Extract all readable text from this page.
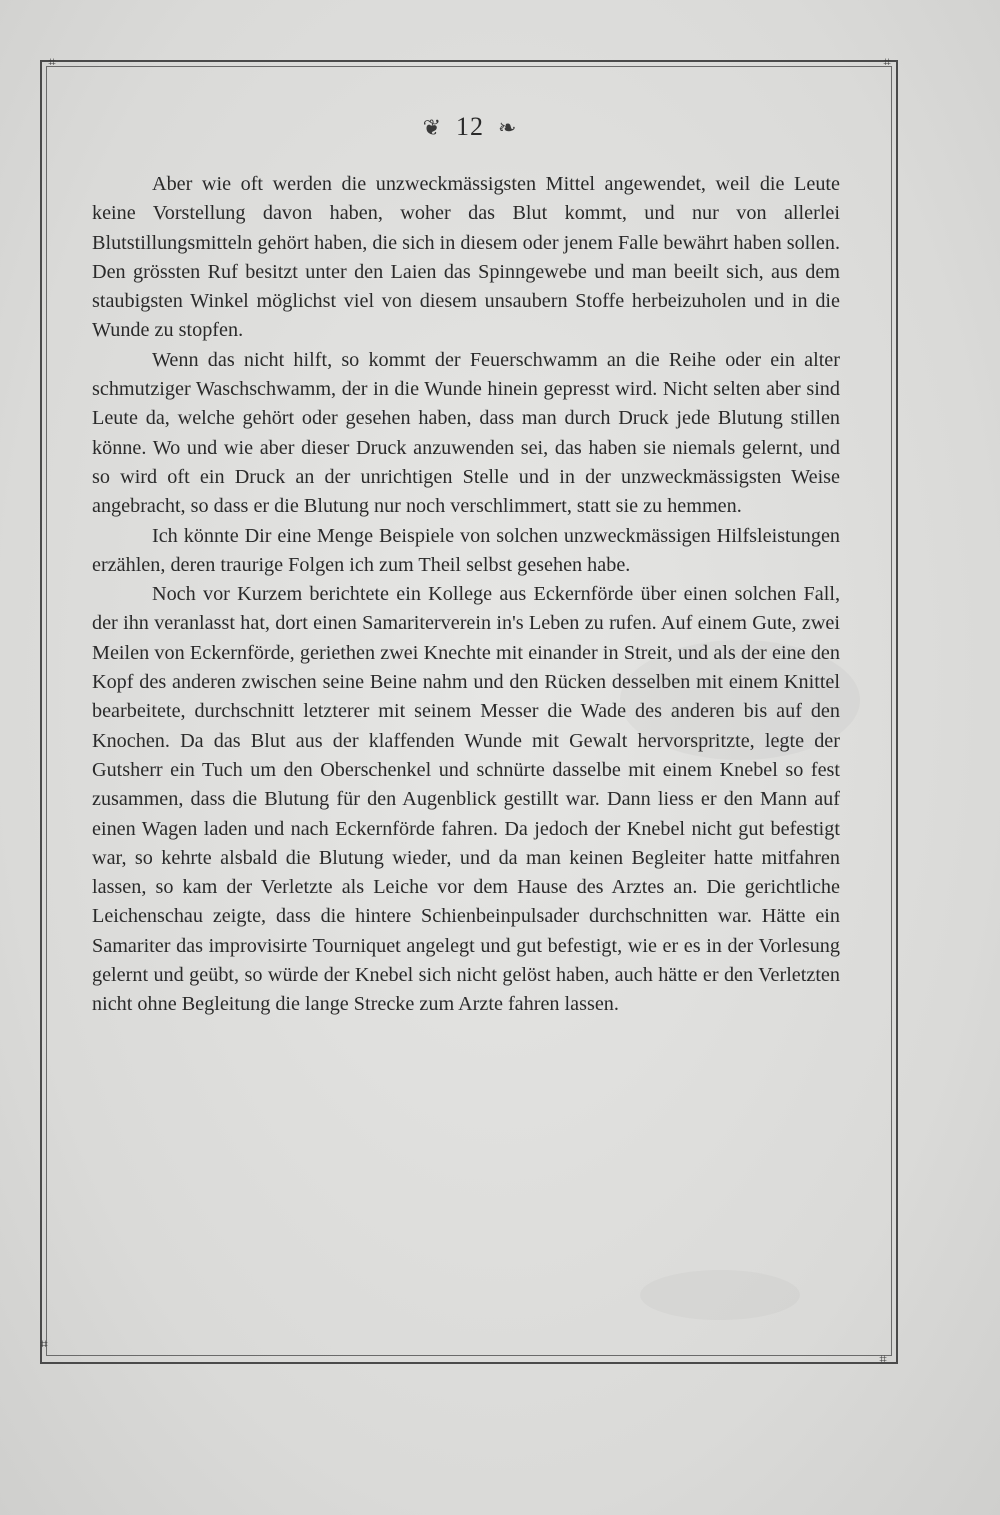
⌗	⌗
⌗
⌗
❦ 12 ❧

Aber wie oft werden die unzweckmässigsten Mittel angewendet, weil die Leute keine Vorstellung davon haben, woher das Blut kommt, und nur von allerlei Blutstillungsmitteln gehört haben, die sich in diesem oder jenem Falle bewährt haben sollen. Den grössten Ruf besitzt unter den Laien das Spinngewebe und man beeilt sich, aus dem staubigsten Winkel möglichst viel von diesem unsaubern Stoffe herbeizuholen und in die Wunde zu stopfen.

Wenn das nicht hilft, so kommt der Feuerschwamm an die Reihe oder ein alter schmutziger Waschschwamm, der in die Wunde hinein gepresst wird. Nicht selten aber sind Leute da, welche gehört oder gesehen haben, dass man durch Druck jede Blutung stillen könne. Wo und wie aber dieser Druck anzuwenden sei, das haben sie niemals gelernt, und so wird oft ein Druck an der unrichtigen Stelle und in der unzweckmässigsten Weise angebracht, so dass er die Blutung nur noch verschlimmert, statt sie zu hemmen.

Ich könnte Dir eine Menge Beispiele von solchen unzweckmässigen Hilfsleistungen erzählen, deren traurige Folgen ich zum Theil selbst gesehen habe.

Noch vor Kurzem berichtete ein Kollege aus Eckernförde über einen solchen Fall, der ihn veranlasst hat, dort einen Samariterverein in's Leben zu rufen. Auf einem Gute, zwei Meilen von Eckernförde, geriethen zwei Knechte mit einander in Streit, und als der eine den Kopf des anderen zwischen seine Beine nahm und den Rücken desselben mit einem Knittel bearbeitete, durchschnitt letzterer mit seinem Messer die Wade des anderen bis auf den Knochen. Da das Blut aus der klaffenden Wunde mit Gewalt hervorspritzte, legte der Gutsherr ein Tuch um den Oberschenkel und schnürte dasselbe mit einem Knebel so fest zusammen, dass die Blutung für den Augenblick gestillt war. Dann liess er den Mann auf einen Wagen laden und nach Eckernförde fahren. Da jedoch der Knebel nicht gut befestigt war, so kehrte alsbald die Blutung wieder, und da man keinen Begleiter hatte mitfahren lassen, so kam der Verletzte als Leiche vor dem Hause des Arztes an. Die gerichtliche Leichenschau zeigte, dass die hintere Schienbeinpulsader durchschnitten war. Hätte ein Samariter das improvisirte Tourniquet angelegt und gut befestigt, wie er es in der Vorlesung gelernt und geübt, so würde der Knebel sich nicht gelöst haben, auch hätte er den Verletzten nicht ohne Begleitung die lange Strecke zum Arzte fahren lassen.
